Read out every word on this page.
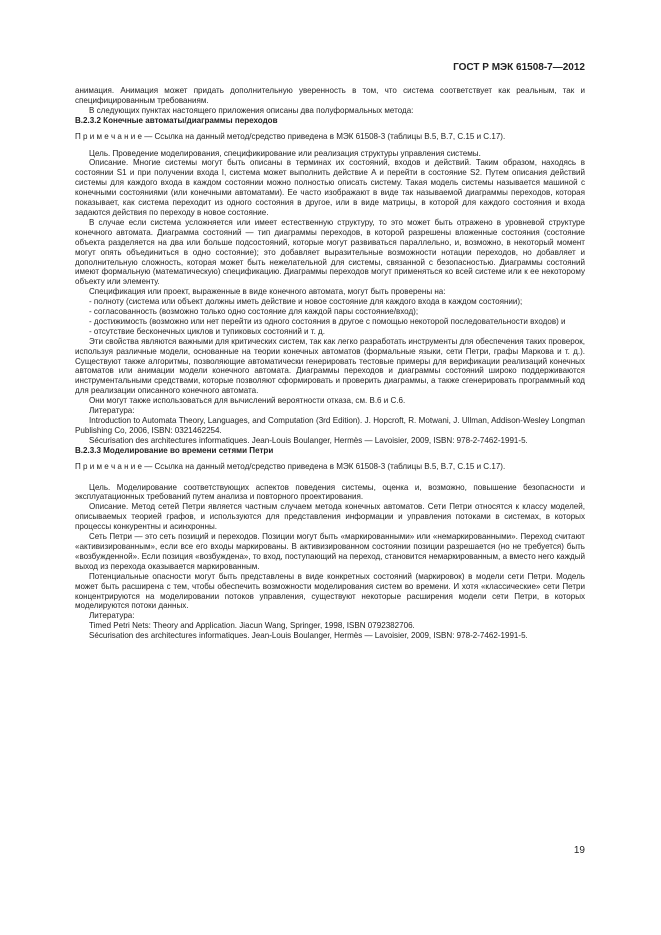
ГОСТ Р МЭК 61508-7—2012

анимация. Анимация может придать дополнительную уверенность в том, что система соответствует как реальным, так и специфицированным требованиям.

В следующих пунктах настоящего приложения описаны два полуформальных метода:

B.2.3.2 Конечные автоматы/диаграммы переходов

П р и м е ч а н и е — Ссылка на данный метод/средство приведена в МЭК 61508-3 (таблицы B.5, B.7, C.15 и C.17).

Цель. Проведение моделирования, спецификирование или реализация структуры управления системы.

Описание. Многие системы могут быть описаны в терминах их состояний, входов и действий. Таким образом, находясь в состоянии S1 и при получении входа I, система может выполнить действие A и перейти в состояние S2. Путем описания действий системы для каждого входа в каждом состоянии можно полностью описать систему. Такая модель системы называется машиной с конечными состояниями (или конечными автоматами). Ее часто изображают в виде так называемой диаграммы переходов, которая показывает, как система переходит из одного состояния в другое, или в виде матрицы, в которой для каждого состояния и входа задаются действия по переходу в новое состояние.

В случае если система усложняется или имеет естественную структуру, то это может быть отражено в уровневой структуре конечного автомата. Диаграмма состояний — тип диаграммы переходов, в которой разрешены вложенные состояния (состояние объекта разделяется на два или больше подсостояний, которые могут развиваться параллельно, и, возможно, в некоторый момент могут опять объединиться в одно состояние); это добавляет выразительные возможности нотации переходов, но добавляет и дополнительную сложность, которая может быть нежелательной для системы, связанной с безопасностью. Диаграммы состояний имеют формальную (математическую) спецификацию. Диаграммы переходов могут применяться ко всей системе или к ее некоторому объекту или элементу.

Спецификация или проект, выраженные в виде конечного автомата, могут быть проверены на:

- полноту (система или объект должны иметь действие и новое состояние для каждого входа в каждом состоянии);

- согласованность (возможно только одно состояние для каждой пары состояние/вход);

- достижимость (возможно или нет перейти из одного состояния в другое с помощью некоторой последовательности входов) и

- отсутствие бесконечных циклов и тупиковых состояний и т. д.

Эти свойства являются важными для критических систем, так как легко разработать инструменты для обеспечения таких проверок, используя различные модели, основанные на теории конечных автоматов (формальные языки, сети Петри, графы Маркова и т. д.). Существуют также алгоритмы, позволяющие автоматически генерировать тестовые примеры для верификации реализаций конечных автоматов или анимации модели конечного автомата. Диаграммы переходов и диаграммы состояний широко поддерживаются инструментальными средствами, которые позволяют сформировать и проверить диаграммы, а также сгенерировать программный код для реализации описанного конечного автомата.

Они могут также использоваться для вычислений вероятности отказа, см. B.6 и C.6.

Литература:

Introduction to Automata Theory, Languages, and Computation (3rd Edition). J. Hopcroft, R. Motwani, J. Ullman, Addison-Wesley Longman Publishing Co, 2006, ISBN: 0321462254.

Sécurisation des architectures informatiques. Jean-Louis Boulanger, Hermès — Lavoisier, 2009, ISBN: 978-2-7462-1991-5.

B.2.3.3 Моделирование во времени сетями Петри

П р и м е ч а н и е — Ссылка на данный метод/средство приведена в МЭК 61508-3 (таблицы B.5, B.7, C.15 и C.17).

Цель. Моделирование соответствующих аспектов поведения системы, оценка и, возможно, повышение безопасности и эксплуатационных требований путем анализа и повторного проектирования.

Описание. Метод сетей Петри является частным случаем метода конечных автоматов. Сети Петри относятся к классу моделей, описываемых теорией графов, и используются для представления информации и управления потоками в системах, в которых процессы конкурентны и асинхронны.

Сеть Петри — это сеть позиций и переходов. Позиции могут быть «маркированными» или «немаркированными». Переход считают «активизированным», если все его входы маркированы. В активизированном состоянии позиции разрешается (но не требуется) быть «возбужденной». Если позиция «возбуждена», то вход, поступающий на переход, становится немаркированным, а вместо него каждый выход из перехода оказывается маркированным.

Потенциальные опасности могут быть представлены в виде конкретных состояний (маркировок) в модели сети Петри. Модель может быть расширена с тем, чтобы обеспечить возможности моделирования систем во времени. И хотя «классические» сети Петри концентрируются на моделировании потоков управления, существуют некоторые расширения модели сети Петри, в которых моделируются потоки данных.

Литература:

Timed Petri Nets: Theory and Application. Jiacun Wang, Springer, 1998, ISBN 0792382706.

Sécurisation des architectures informatiques. Jean-Louis Boulanger, Hermès — Lavoisier, 2009, ISBN: 978-2-7462-1991-5.

19
